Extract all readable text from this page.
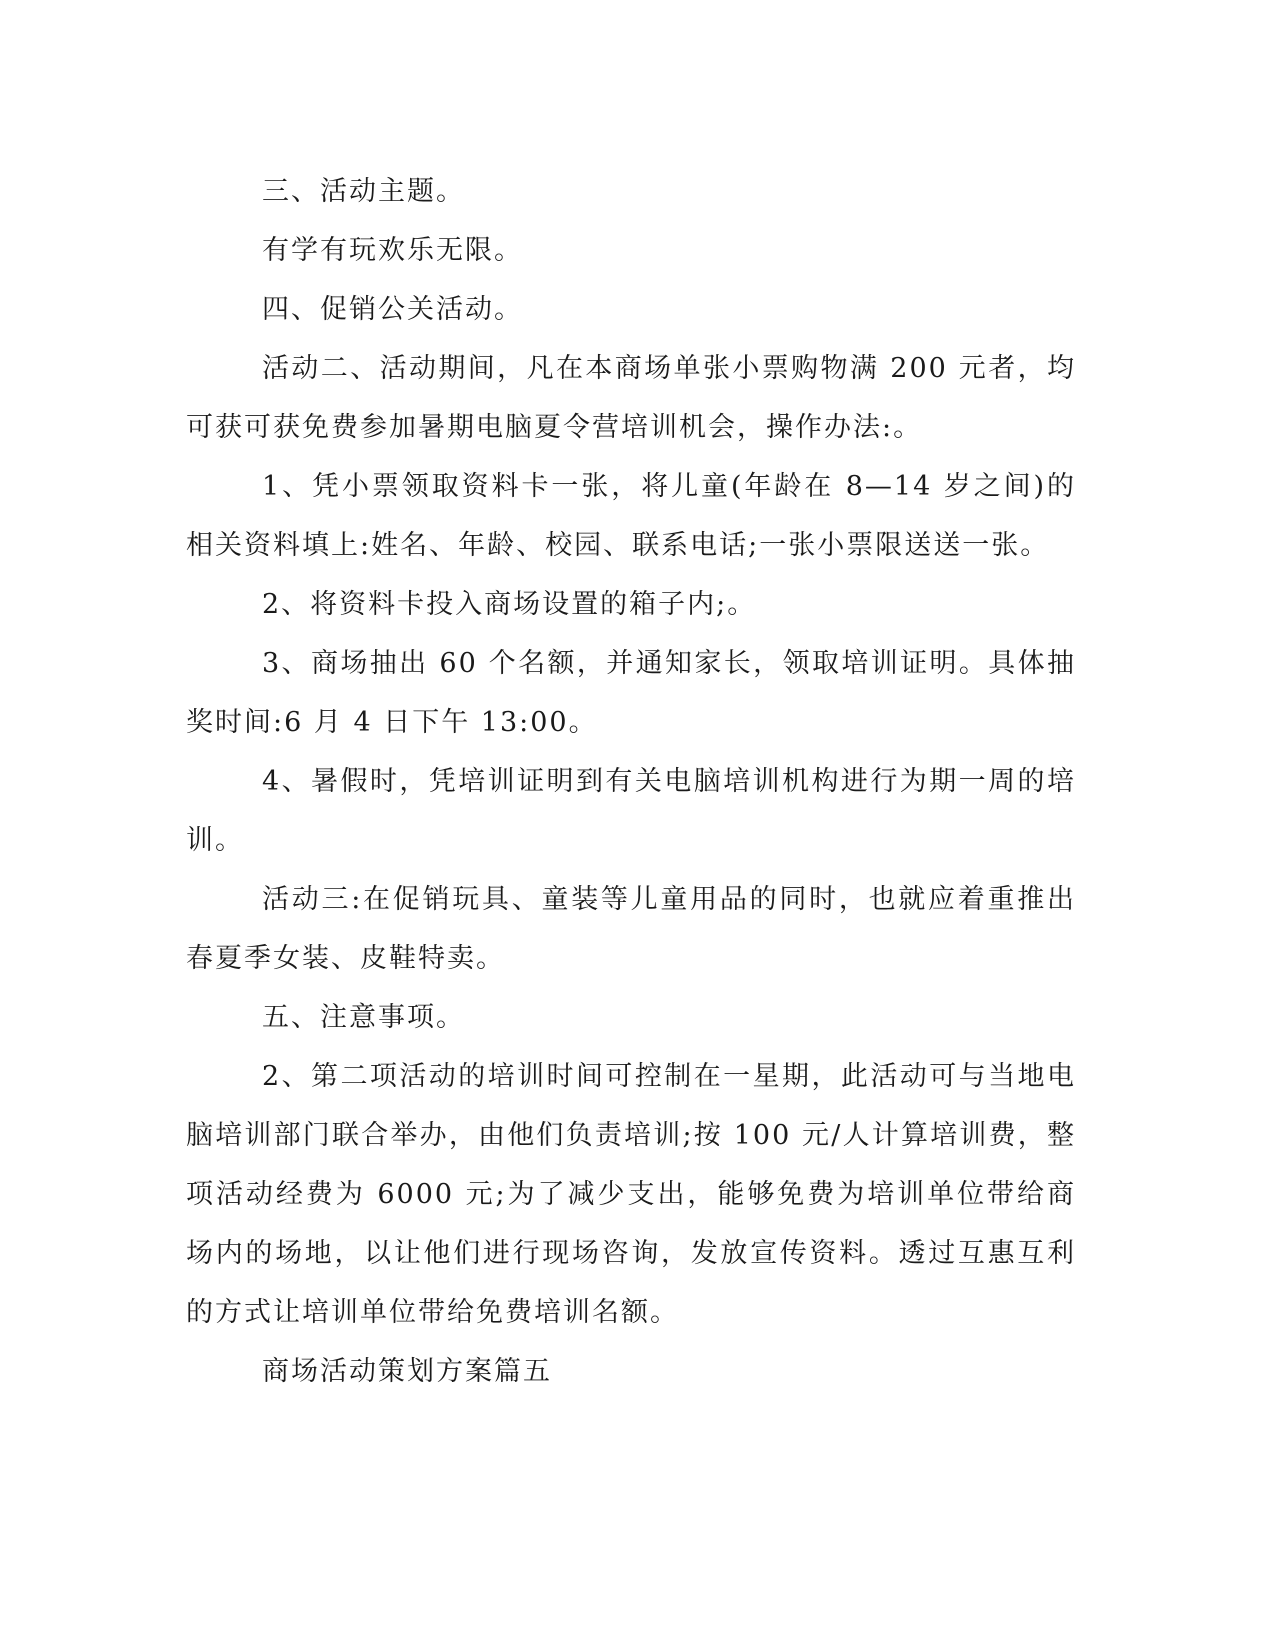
三、活动主题。

有学有玩欢乐无限。

四、促销公关活动。

活动二、活动期间，凡在本商场单张小票购物满 200 元者，均可获可获免费参加暑期电脑夏令营培训机会，操作办法:。

1、凭小票领取资料卡一张，将儿童(年龄在 8—14 岁之间)的相关资料填上:姓名、年龄、校园、联系电话;一张小票限送送一张。

2、将资料卡投入商场设置的箱子内;。

3、商场抽出 60 个名额，并通知家长，领取培训证明。具体抽奖时间:6 月 4 日下午 13:00。

4、暑假时，凭培训证明到有关电脑培训机构进行为期一周的培训。

活动三:在促销玩具、童装等儿童用品的同时，也就应着重推出春夏季女装、皮鞋特卖。

五、注意事项。

2、第二项活动的培训时间可控制在一星期，此活动可与当地电脑培训部门联合举办，由他们负责培训;按 100 元/人计算培训费，整项活动经费为 6000 元;为了减少支出，能够免费为培训单位带给商场内的场地，以让他们进行现场咨询，发放宣传资料。透过互惠互利的方式让培训单位带给免费培训名额。

商场活动策划方案篇五
